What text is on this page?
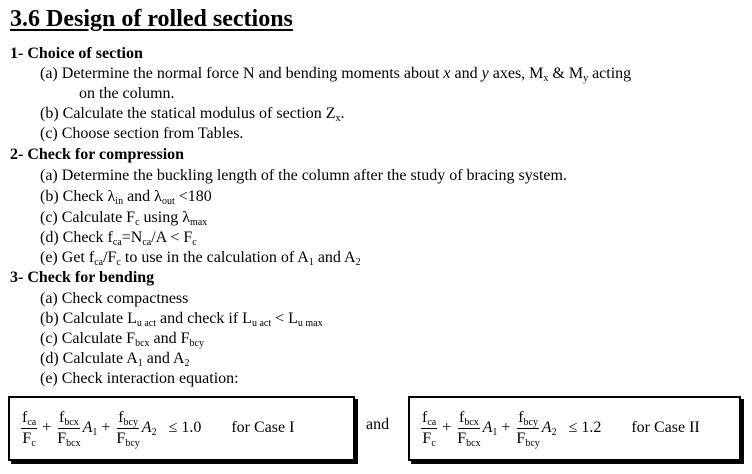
3.6 Design of rolled sections
1- Choice of section
(a) Determine the normal force N and bending moments about x and y axes, $M_x$ & $M_y$ acting
on the column.
(b) Calculate the statical modulus of section $Z_x$.
(c) Choose section from Tables.
2- Check for compression
(a) Determine the buckling length of the column after the study of bracing system.
(b) Check $\lambda_{in}$ and $\lambda_{out} <180$
(c) Calculate $F_c$ using $\lambda_{max}$
(d) Check $f_{ca}=N_{ca}/A < F_c$
(e) Get $f_{ca}/F_c$ to use in the calculation of $A_1$ and $A_2$
3- Check for bending
(a) Check compactness
(b) Calculate $L_{u act}$ and check if $L_{u act} < L_{u max}$
(c) Calculate $F_{bcx}$ and $F_{bcy}$
(d) Calculate $A_1$ and $A_2$
(e) Check interaction equation:
$\frac{f_{ca}}{F_c} + \frac{f_{bcx}}{F_{bcx}} A_1 + \frac{f_{bcy}}{F_{bcy}} A_2 \le 1.0$ for Case I	and $\frac{f_{ca}}{F_c} + \frac{f_{bcx}}{F_{bcx}} A_1 + \frac{f_{bcy}}{F_{bcy}} A_2 \le 1.2$ for Case II
